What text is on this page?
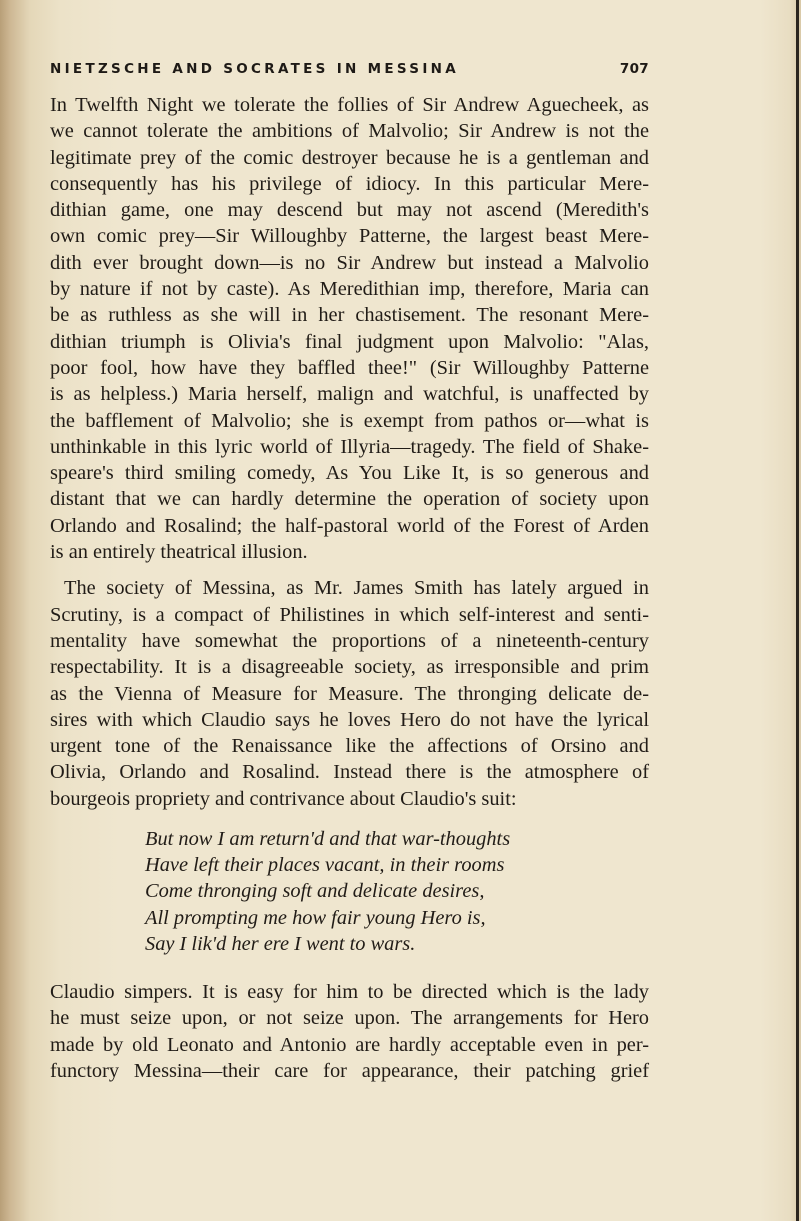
NIETZSCHE AND SOCRATES IN MESSINA	707
In Twelfth Night we tolerate the follies of Sir Andrew Aguecheek, as
we cannot tolerate the ambitions of Malvolio; Sir Andrew is not the
legitimate prey of the comic destroyer because he is a gentleman and
consequently has his privilege of idiocy. In this particular Mere-
dithian game, one may descend but may not ascend (Meredith's
own comic prey—Sir Willoughby Patterne, the largest beast Mere-
dith ever brought down—is no Sir Andrew but instead a Malvolio
by nature if not by caste). As Meredithian imp, therefore, Maria can
be as ruthless as she will in her chastisement. The resonant Mere-
dithian triumph is Olivia's final judgment upon Malvolio: "Alas,
poor fool, how have they baffled thee!" (Sir Willoughby Patterne
is as helpless.) Maria herself, malign and watchful, is unaffected by
the bafflement of Malvolio; she is exempt from pathos or—what is
unthinkable in this lyric world of Illyria—tragedy. The field of Shake-
speare's third smiling comedy, As You Like It, is so generous and
distant that we can hardly determine the operation of society upon
Orlando and Rosalind; the half-pastoral world of the Forest of Arden
is an entirely theatrical illusion.
The society of Messina, as Mr. James Smith has lately argued in
Scrutiny, is a compact of Philistines in which self-interest and senti-
mentality have somewhat the proportions of a nineteenth-century
respectability. It is a disagreeable society, as irresponsible and prim
as the Vienna of Measure for Measure. The thronging delicate de-
sires with which Claudio says he loves Hero do not have the lyrical
urgent tone of the Renaissance like the affections of Orsino and
Olivia, Orlando and Rosalind. Instead there is the atmosphere of
bourgeois propriety and contrivance about Claudio's suit:
But now I am return'd and that war-thoughts
Have left their places vacant, in their rooms
Come thronging soft and delicate desires,
All prompting me how fair young Hero is,
Say I lik'd her ere I went to wars.
Claudio simpers. It is easy for him to be directed which is the lady
he must seize upon, or not seize upon. The arrangements for Hero
made by old Leonato and Antonio are hardly acceptable even in per-
functory Messina—their care for appearance, their patching grief
